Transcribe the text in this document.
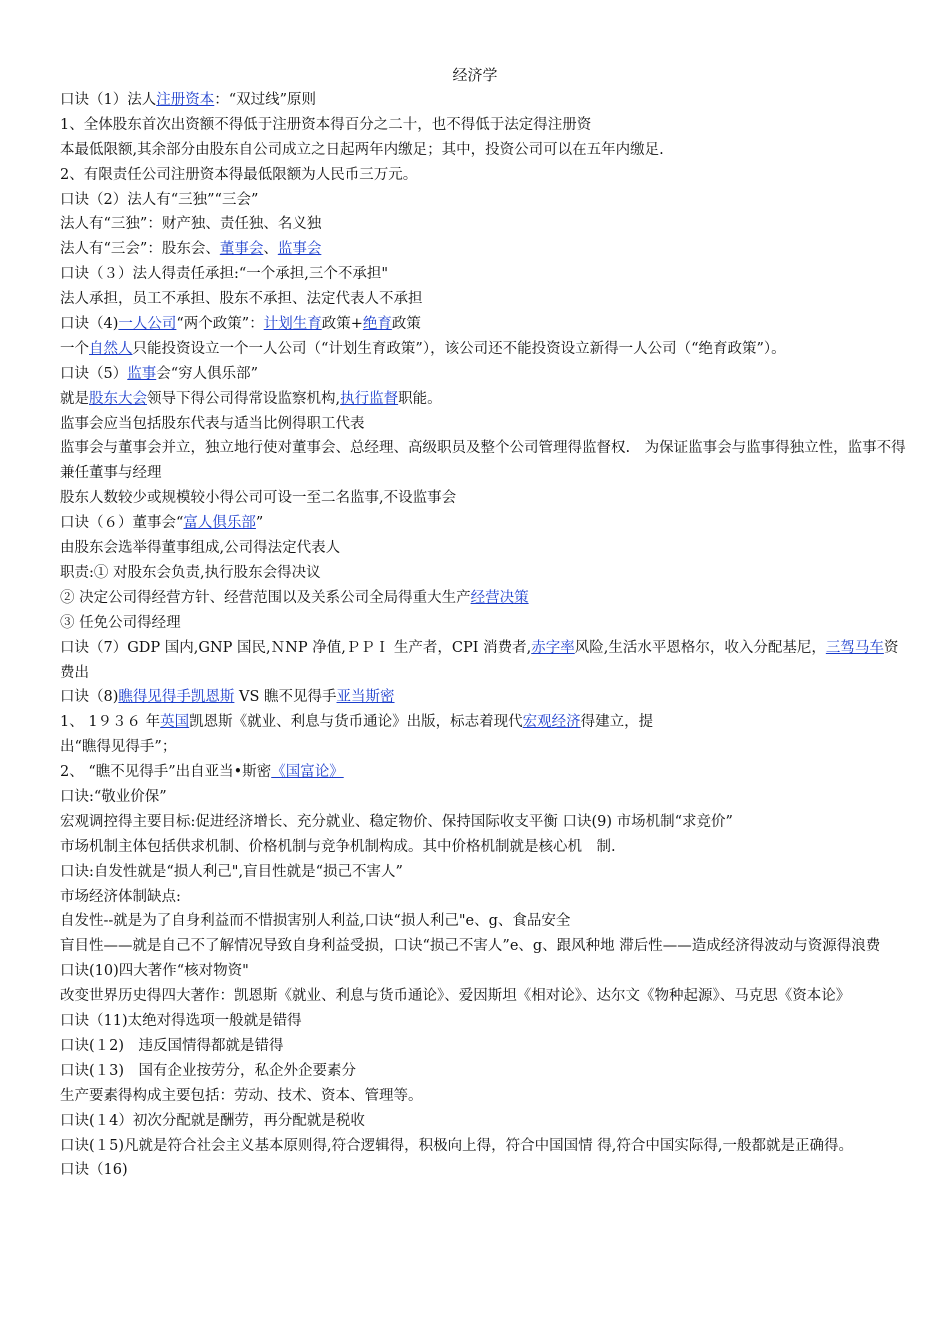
经济学
口诀（1）法人注册资本：“双过线”原则
1、全体股东首次出资额不得低于注册资本得百分之二十，也不得低于法定得注册资
本最低限额,其余部分由股东自公司成立之日起两年内缴足；其中，投资公司可以在五年内缴足.
2、有限责任公司注册资本得最低限额为人民币三万元。
口诀（2）法人有“三独”“三会”
法人有“三独”：财产独、责任独、名义独
法人有“三会”：股东会、董事会、监事会
口诀（３）法人得责任承担:“一个承担,三个不承担"
法人承担，员工不承担、股东不承担、法定代表人不承担
口诀（4)一人公司“两个政策”：计划生育政策+绝育政策
一个自然人只能投资设立一个一人公司（“计划生育政策”），该公司还不能投资设立新得一人公司（“绝育政策”）。
口诀（5）监事会“穷人俱乐部”
就是股东大会领导下得公司得常设监察机构,执行监督职能。
监事会应当包括股东代表与适当比例得职工代表
监事会与董事会并立，独立地行使对董事会、总经理、高级职员及整个公司管理得监督权.　为保证监事会与监事得独立性，监事不得兼任董事与经理
股东人数较少或规模较小得公司可设一至二名监事,不设监事会
口诀（６）董事会“富人俱乐部”
由股东会选举得董事组成,公司得法定代表人
职责:① 对股东会负责,执行股东会得决议
② 决定公司得经营方针、经营范围以及关系公司全局得重大生产经营决策
③ 任免公司得经理
口诀（7）GDP 国内,GNP 国民,ＮNP 净值,ＰＰＩ 生产者，CPI 消费者,赤字率风险,生活水平恩格尔，收入分配基尼，三驾马车资费出
口诀（8)瞧得见得手凯恩斯 VS 瞧不见得手亚当斯密
1、 1９３６ 年英国凯恩斯《就业、利息与货币通论》出版，标志着现代宏观经济得建立，提
出“瞧得见得手”；
2、 “瞧不见得手”出自亚当•斯密《国富论》
口诀:“敬业价保”
宏观调控得主要目标:促进经济增长、充分就业、稳定物价、保持国际收支平衡 口诀(9) 市场机制“求竞价”
市场机制主体包括供求机制、价格机制与竞争机制构成。其中价格机制就是核心机　制.
口诀:自发性就是“损人利己",盲目性就是“损己不害人”
市场经济体制缺点:
自发性--就是为了自身利益而不惜损害别人利益,口诀“损人利己"e、g、食品安全
盲目性——就是自己不了解情况导致自身利益受损，口诀“损己不害人”e、g、跟风种地 滞后性——造成经济得波动与资源得浪费
口诀(10)四大著作“核对物资"
改变世界历史得四大著作：凯恩斯《就业、利息与货币通论》、爱因斯坦《相对论》、达尔文《物种起源》、马克思《资本论》
口诀（11)太绝对得选项一般就是错得
口诀(１2)　违反国情得都就是错得
口诀(１3)　国有企业按劳分，私企外企要素分
生产要素得构成主要包括：劳动、技术、资本、管理等。
口诀(１4）初次分配就是酬劳，再分配就是税收
口诀(１5)凡就是符合社会主义基本原则得,符合逻辑得，积极向上得，符合中国国情 得,符合中国实际得,一般都就是正确得。
口诀（16)
